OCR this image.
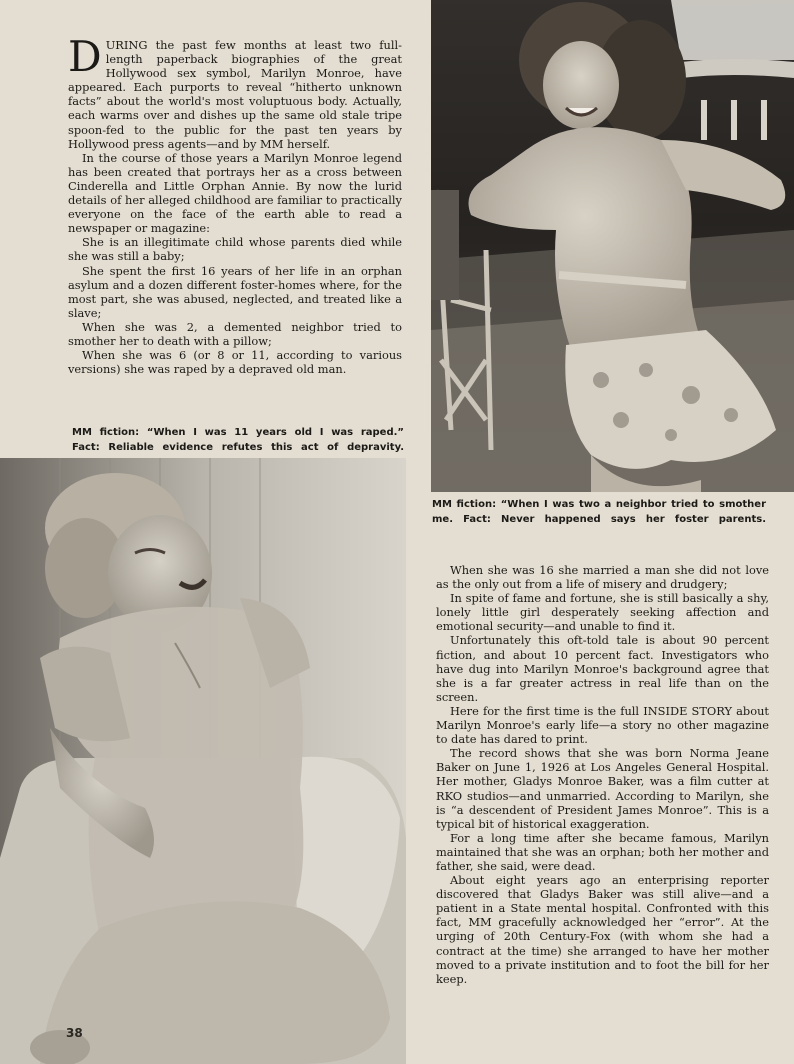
DURING the past few months at least two full-length paperback biographies of the great Hollywood sex symbol, Marilyn Monroe, have appeared. Each purports to reveal “hitherto unknown facts” about the world's most voluptuous body. Actually, each warms over and dishes up the same old stale tripe spoon-fed to the public for the past ten years by Hollywood press agents—and by MM herself.

In the course of those years a Marilyn Monroe legend has been created that portrays her as a cross between Cinderella and Little Orphan Annie. By now the lurid details of her alleged childhood are familiar to practically everyone on the face of the earth able to read a newspaper or magazine:

She is an illegitimate child whose parents died while she was still a baby;

She spent the first 16 years of her life in an orphan asylum and a dozen different foster-homes where, for the most part, she was abused, neglected, and treated like a slave;

When she was 2, a demented neighbor tried to smother her to death with a pillow;

When she was 6 (or 8 or 11, according to various versions) she was raped by a depraved old man.

MM fiction: “When I was 11 years old I was raped.”
Fact: Reliable evidence refutes this act of depravity.
MM fiction: “When I was two a neighbor tried to smother
me. Fact: Never happened says her foster parents.

When she was 16 she married a man she did not love as the only out from a life of misery and drudgery;

In spite of fame and fortune, she is still basically a shy, lonely little girl desperately seeking affection and emotional security—and unable to find it.

Unfortunately this oft-told tale is about 90 percent fiction, and about 10 percent fact. Investigators who have dug into Marilyn Monroe's background agree that she is a far greater actress in real life than on the screen.

Here for the first time is the full INSIDE STORY about Marilyn Monroe's early life—a story no other magazine to date has dared to print.

The record shows that she was born Norma Jeane Baker on June 1, 1926 at Los Angeles General Hospital. Her mother, Gladys Monroe Baker, was a film cutter at RKO studios—and unmarried. According to Marilyn, she is “a descendent of President James Monroe”. This is a typical bit of historical exaggeration.

For a long time after she became famous, Marilyn maintained that she was an orphan; both her mother and father, she said, were dead.

About eight years ago an enterprising reporter discovered that Gladys Baker was still alive—and a patient in a State mental hospital. Confronted with this fact, MM gracefully acknowledged her “error”. At the urging of 20th Century-Fox (with whom she had a contract at the time) she arranged to have her mother moved to a private institution and to foot the bill for her keep.

38
